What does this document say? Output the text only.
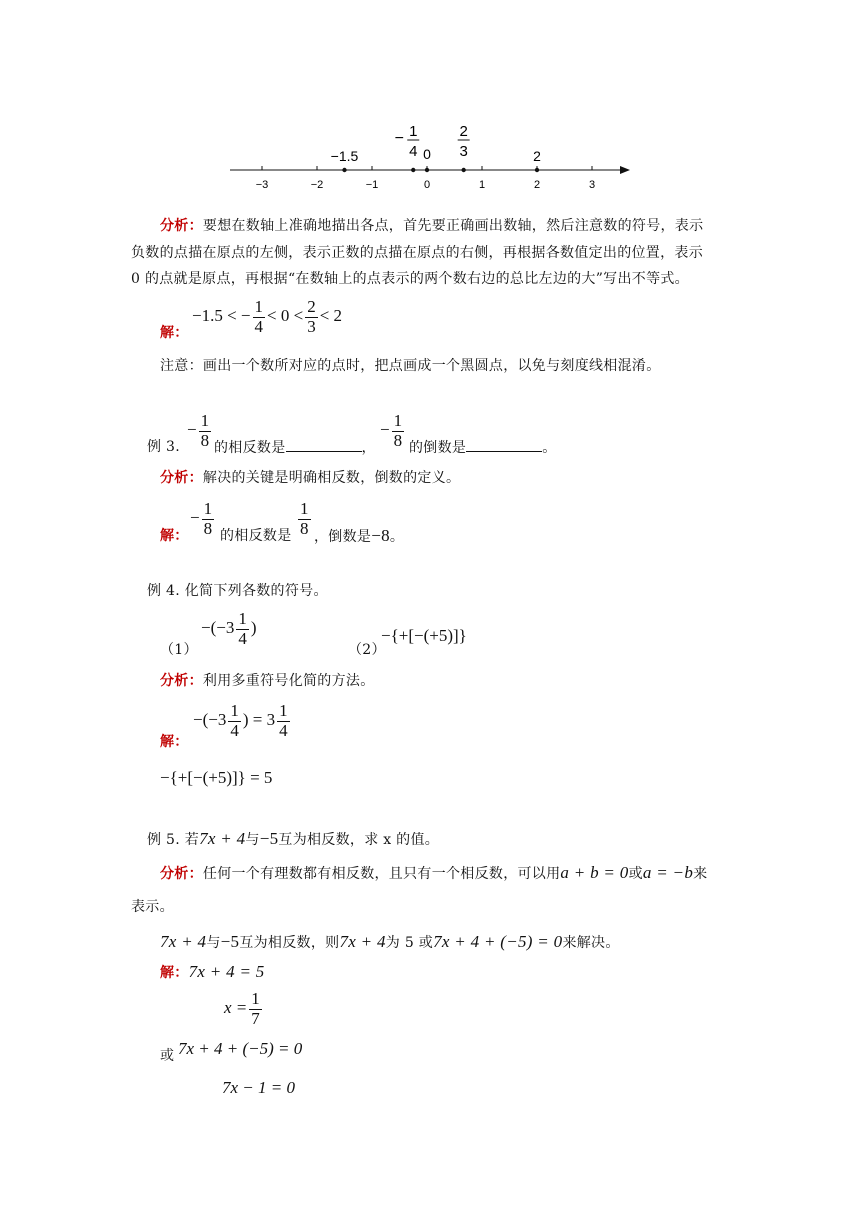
−3	−2	−1	0	1	2	3
−1.5
− 1
4 0
2
3	2
分析：要想在数轴上准确地描出各点，首先要正确画出数轴，然后注意数的符号，表示
负数的点描在原点的左侧，表示正数的点描在原点的右侧，再根据各数值定出的位置，表示
0 的点就是原点，再根据“在数轴上的点表示的两个数右边的总比左边的大”写出不等式。
−1.5 < − $\frac{1}{4} < 0 < \frac{2}{3} < 2$
解：
注意：画出一个数所对应的点时，把点画成一个黑圆点，以免与刻度线相混淆。
例 3.
− $\frac{1}{8}$ 的相反数是	，
− $\frac{1}{8}$ 的倒数是	。
分析：解决的关键是明确相反数，倒数的定义。
解：
− $\frac{1}{8}$ 的相反数是 $\frac{1}{8}$ ，倒数是−8。
例 4. 化简下列各数的符号。
（1）
$-(-3 \frac{1}{4}$ )
（2）
−{+[−(+5)]}
分析：利用多重符号化简的方法。
解：
$-(-3 \frac{1}{4}$ ) = $3 \frac{1}{4}$
−{+[−(+5)]} = 5
例 5. 若7x + 4与−5互为相反数，求 x 的值。
分析：任何一个有理数都有相反数，且只有一个相反数，可以用a + b = 0或a = −b来
表示。
7x + 4与−5互为相反数，则7x + 4为 5 或7x + 4 + (−5) = 0来解决。
解：7x + 4 = 5
$x = \frac{1}{7}$
或 7x + 4 + (−5) = 0
7x − 1 = 0
